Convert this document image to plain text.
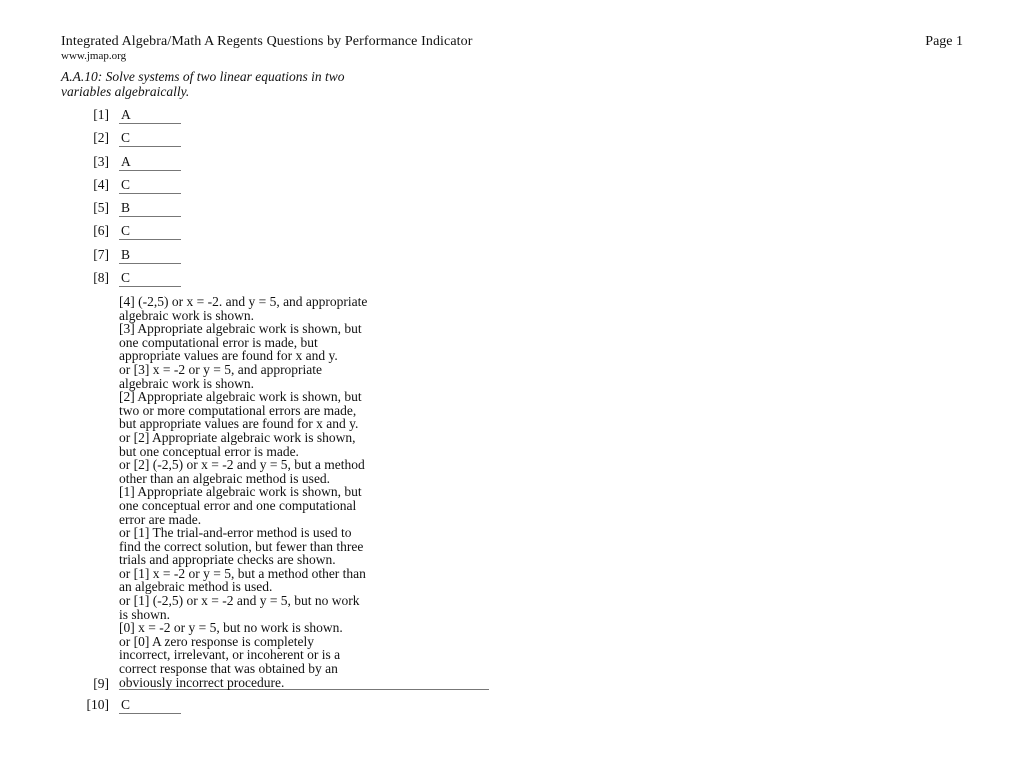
Integrated Algebra/Math A Regents Questions by Performance Indicator	Page 1
www.jmap.org
A.A.10: Solve systems of two linear equations in two
variables algebraically.
[1] A
[2] C
[3] A
[4] C
[5] B
[6] C
[7] B
[8] C
[4] (-2,5) or x = -2. and y = 5, and appropriate
algebraic work is shown.
[3] Appropriate algebraic work is shown, but
one computational error is made, but
appropriate values are found for x and y.
or [3] x = -2 or y = 5, and appropriate
algebraic work is shown.
[2] Appropriate algebraic work is shown, but
two or more computational errors are made,
but appropriate values are found for x and y.
or [2] Appropriate algebraic work is shown,
but one conceptual error is made.
or [2] (-2,5) or x = -2 and y = 5, but a method
other than an algebraic method is used.
[1] Appropriate algebraic work is shown, but
one conceptual error and one computational
error are made.
or [1] The trial-and-error method is used to
find the correct solution, but fewer than three
trials and appropriate checks are shown.
or [1] x = -2 or y = 5, but a method other than
an algebraic method is used.
or [1] (-2,5) or x = -2 and y = 5, but no work
is shown.
[0] x = -2 or y = 5, but no work is shown.
or [0] A zero response is completely
incorrect, irrelevant, or incoherent or is a
correct response that was obtained by an
obviously incorrect procedure.
[9]
[10] C
